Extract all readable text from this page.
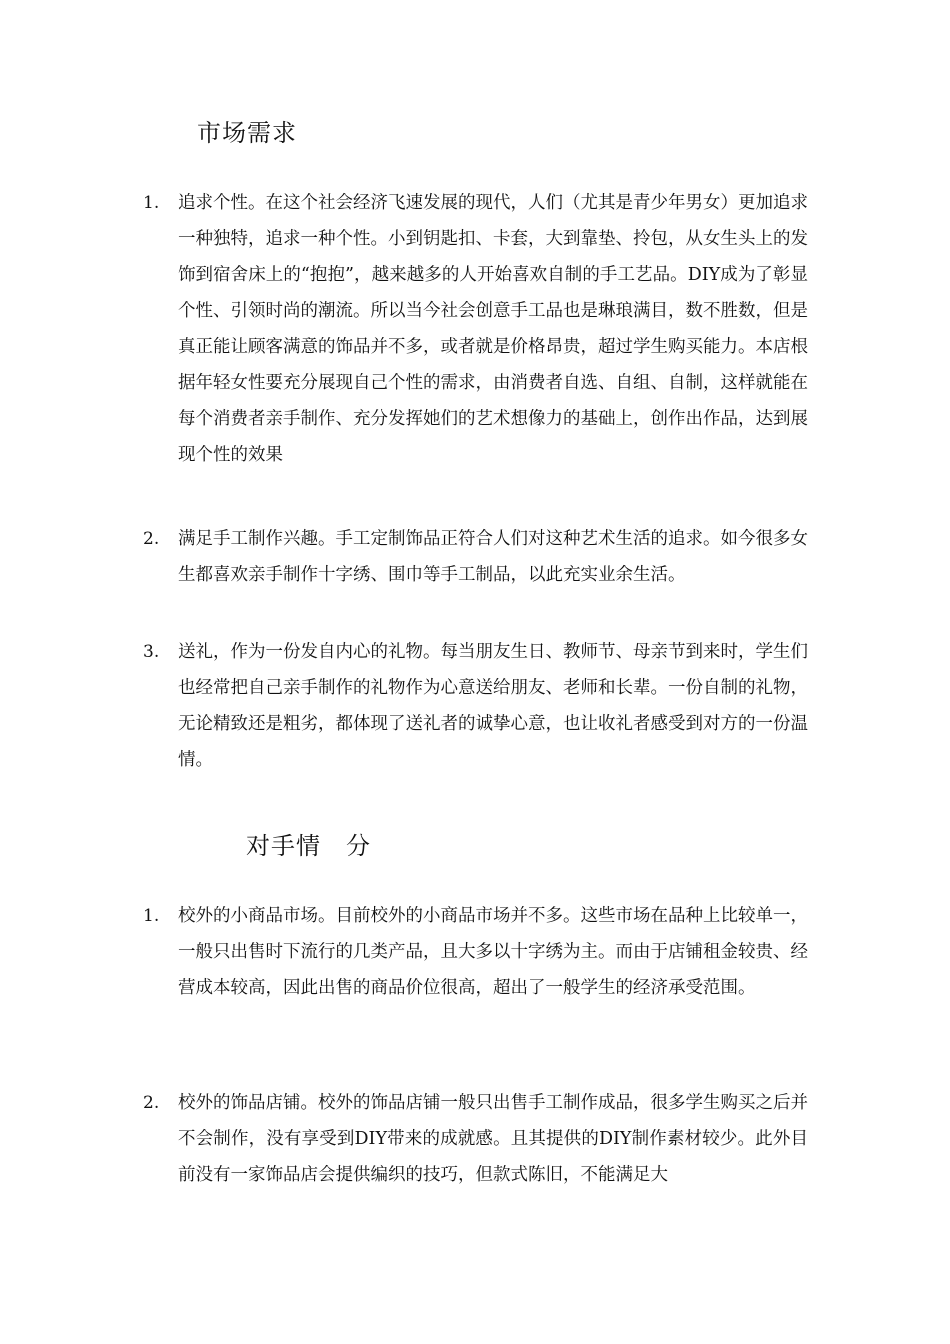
市场需求
1. 追求个性。在这个社会经济飞速发展的现代，人们（尤其是青少年男女）更加追求一种独特，追求一种个性。小到钥匙扣、卡套，大到靠垫、拎包，从女生头上的发饰到宿舍床上的“抱抱”，越来越多的人开始喜欢自制的手工艺品。DIY成为了彰显个性、引领时尚的潮流。所以当今社会创意手工品也是琳琅满目，数不胜数，但是真正能让顾客满意的饰品并不多，或者就是价格昂贵，超过学生购买能力。本店根据年轻女性要充分展现自己个性的需求，由消费者自选、自组、自制，这样就能在每个消费者亲手制作、充分发挥她们的艺术想像力的基础上，创作出作品，达到展现个性的效果
2. 满足手工制作兴趣。手工定制饰品正符合人们对这种艺术生活的追求。如今很多女生都喜欢亲手制作十字绣、围巾等手工制品，以此充实业余生活。
3. 送礼，作为一份发自内心的礼物。每当朋友生日、教师节、母亲节到来时，学生们也经常把自己亲手制作的礼物作为心意送给朋友、老师和长辈。一份自制的礼物，无论精致还是粗劣，都体现了送礼者的诚挚心意，也让收礼者感受到对方的一份温情。
对手情　分
1. 校外的小商品市场。目前校外的小商品市场并不多。这些市场在品种上比较单一，一般只出售时下流行的几类产品，且大多以十字绣为主。而由于店铺租金较贵、经营成本较高，因此出售的商品价位很高，超出了一般学生的经济承受范围。
2. 校外的饰品店铺。校外的饰品店铺一般只出售手工制作成品，很多学生购买之后并不会制作，没有享受到DIY带来的成就感。且其提供的DIY制作素材较少。此外目前没有一家饰品店会提供编织的技巧，但款式陈旧，不能满足大
